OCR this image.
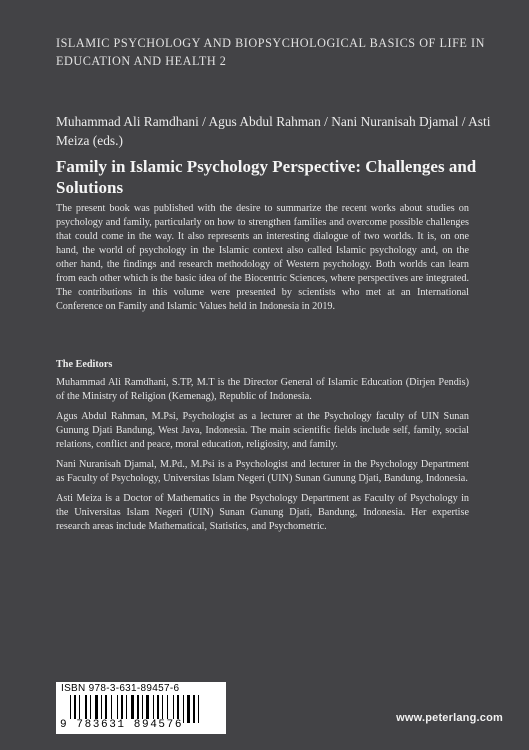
ISLAMIC PSYCHOLOGY AND BIOPSYCHOLOGICAL BASICS OF LIFE IN EDUCATION AND HEALTH 2
Muhammad Ali Ramdhani / Agus Abdul Rahman / Nani Nuranisah Djamal / Asti Meiza (eds.)
Family in Islamic Psychology Perspective: Challenges and Solutions
The present book was published with the desire to summarize the recent works about studies on psychology and family, particularly on how to strengthen families and overcome possible challenges that could come in the way. It also represents an interesting dialogue of two worlds. It is, on one hand, the world of psychology in the Islamic context also called Islamic psychology and, on the other hand, the findings and research methodology of Western psychology. Both worlds can learn from each other which is the basic idea of the Biocentric Sciences, where perspectives are integrated. The contributions in this volume were presented by scientists who met at an International Conference on Family and Islamic Values held in Indonesia in 2019.
The Eeditors

Muhammad Ali Ramdhani, S.TP, M.T is the Director General of Islamic Education (Dirjen Pendis) of the Ministry of Religion (Kemenag), Republic of Indonesia.

Agus Abdul Rahman, M.Psi, Psychologist as a lecturer at the Psychology faculty of UIN Sunan Gunung Djati Bandung, West Java, Indonesia. The main scientific fields include self, family, social relations, conflict and peace, moral education, religiosity, and family.

Nani Nuranisah Djamal, M.Pd., M.Psi is a Psychologist and lecturer in the Psychology Department as Faculty of Psychology, Universitas Islam Negeri (UIN) Sunan Gunung Djati, Bandung, Indonesia.

Asti Meiza is a Doctor of Mathematics in the Psychology Department as Faculty of Psychology in the Universitas Islam Negeri (UIN) Sunan Gunung Djati, Bandung, Indonesia. Her expertise research areas include Mathematical, Statistics, and Psychometric.

ISBN 978-3-631-89457-6
9 783631 894576
www.peterlang.com
